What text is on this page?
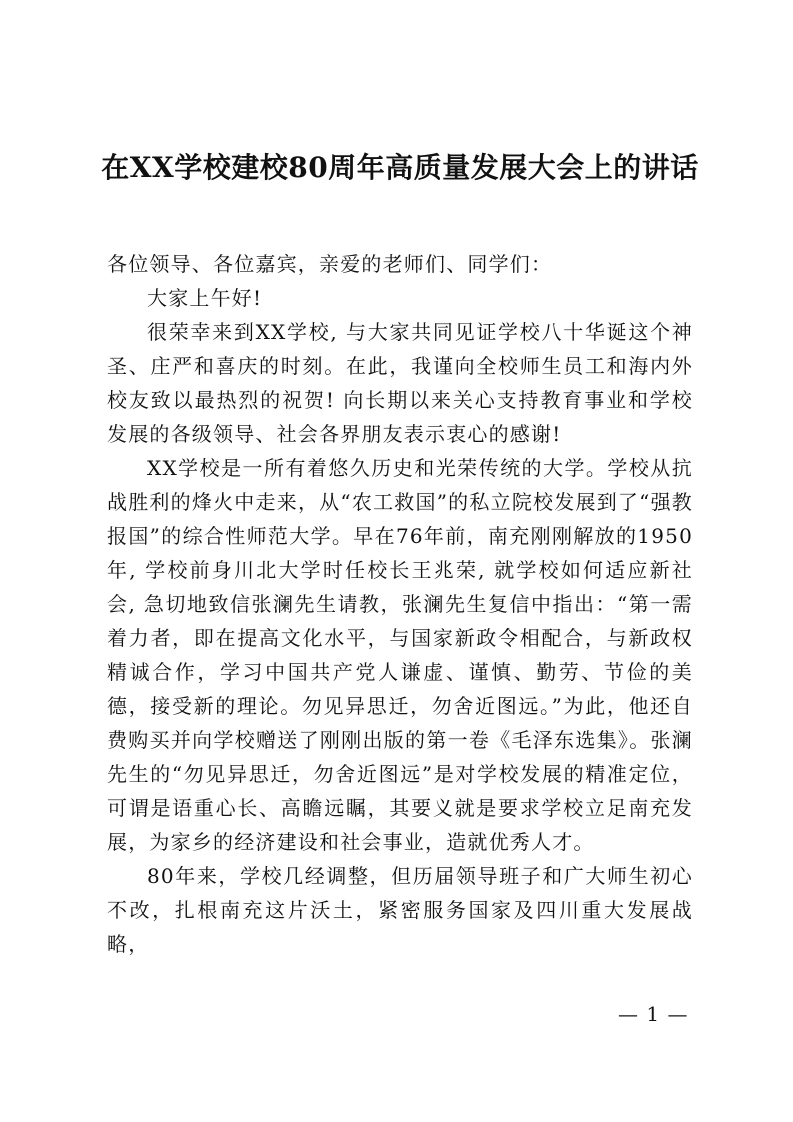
在XX学校建校80周年高质量发展大会上的讲话

各位领导、各位嘉宾，亲爱的老师们、同学们：

大家上午好!

很荣幸来到XX学校, 与大家共同见证学校八十华诞这个神圣、庄严和喜庆的时刻。在此，我谨向全校师生员工和海内外校友致以最热烈的祝贺! 向长期以来关心支持教育事业和学校发展的各级领导、社会各界朋友表示衷心的感谢!

XX学校是一所有着悠久历史和光荣传统的大学。学校从抗战胜利的烽火中走来，从“农工救国”的私立院校发展到了“强教报国”的综合性师范大学。早在76年前，南充刚刚解放的1950年, 学校前身川北大学时任校长王兆荣, 就学校如何适应新社会, 急切地致信张澜先生请教，张澜先生复信中指出：“第一需着力者，即在提高文化水平，与国家新政令相配合，与新政权精诚合作，学习中国共产党人谦虚、谨慎、勤劳、节俭的美德，接受新的理论。勿见异思迁，勿舍近图远。”为此，他还自费购买并向学校赠送了刚刚出版的第一卷《毛泽东选集》。张澜先生的“勿见异思迁，勿舍近图远”是对学校发展的精准定位，可谓是语重心长、高瞻远瞩，其要义就是要求学校立足南充发展，为家乡的经济建设和社会事业，造就优秀人才。

80年来，学校几经调整，但历届领导班子和广大师生初心不改，扎根南充这片沃土，紧密服务国家及四川重大发展战略，

— 1 —
